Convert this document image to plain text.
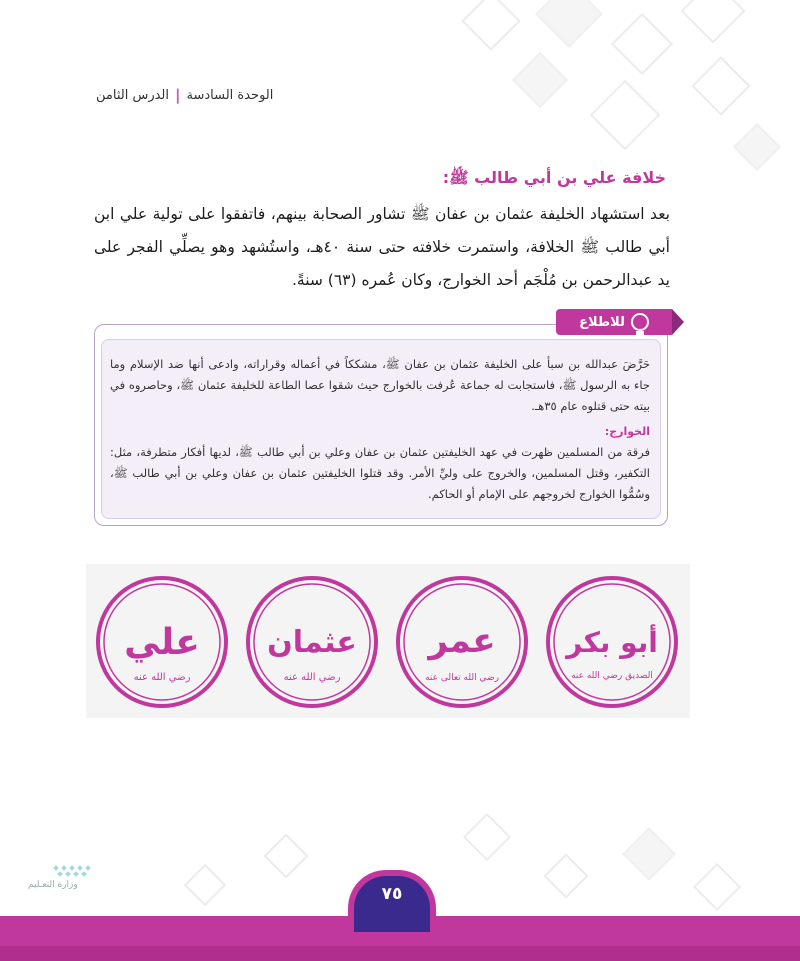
الوحدة السادسة
|
الدرس الثامن
خلافة علي بن أبي طالب ﷺ:
بعد استشهاد الخليفة عثمان بن عفان ﷺ تشاور الصحابة بينهم، فاتفقوا على تولية علي ابن أبي طالب ﷺ الخلافة، واستمرت خلافته حتى سنة ٤٠هـ، واستُشهد وهو يصلِّي الفجر على يد عبدالرحمن بن مُلْجَم أحد الخوارج، وكان عُمره (٦٣) سنةً.
للاطلاع

حَرَّضَ عبدالله بن سبأ على الخليفة عثمان بن عفان ﷺ، مشككاً في أعماله وقراراته، وادعى أنها ضد الإسلام وما جاء به الرسول ﷺ، فاستجابت له جماعة عُرفت بالخوارج حيث شقوا عصا الطاعة للخليفة عثمان ﷺ، وحاصروه في بيته حتى قتلوه عام ٣٥هـ.

الخوارج:

فرقة من المسلمين ظهرت في عهد الخليفتين عثمان بن عفان وعلي بن أبي طالب ﷺ، لديها أفكار متطرفة، مثل: التكفير، وقتل المسلمين، والخروج على وليِّ الأمر. وقد قتلوا الخليفتين عثمان بن عفان وعلي بن أبي طالب ﷺ، وسُمُّوا الخوارج لخروجهم على الإمام أو الحاكم.

علي
رضي الله عنه
عثمان
رضي الله عنه
عمر
رضي الله تعالى عنه
أبو بكر
الصديق رضي الله عنه
وزارة التعـليم	٧٥
